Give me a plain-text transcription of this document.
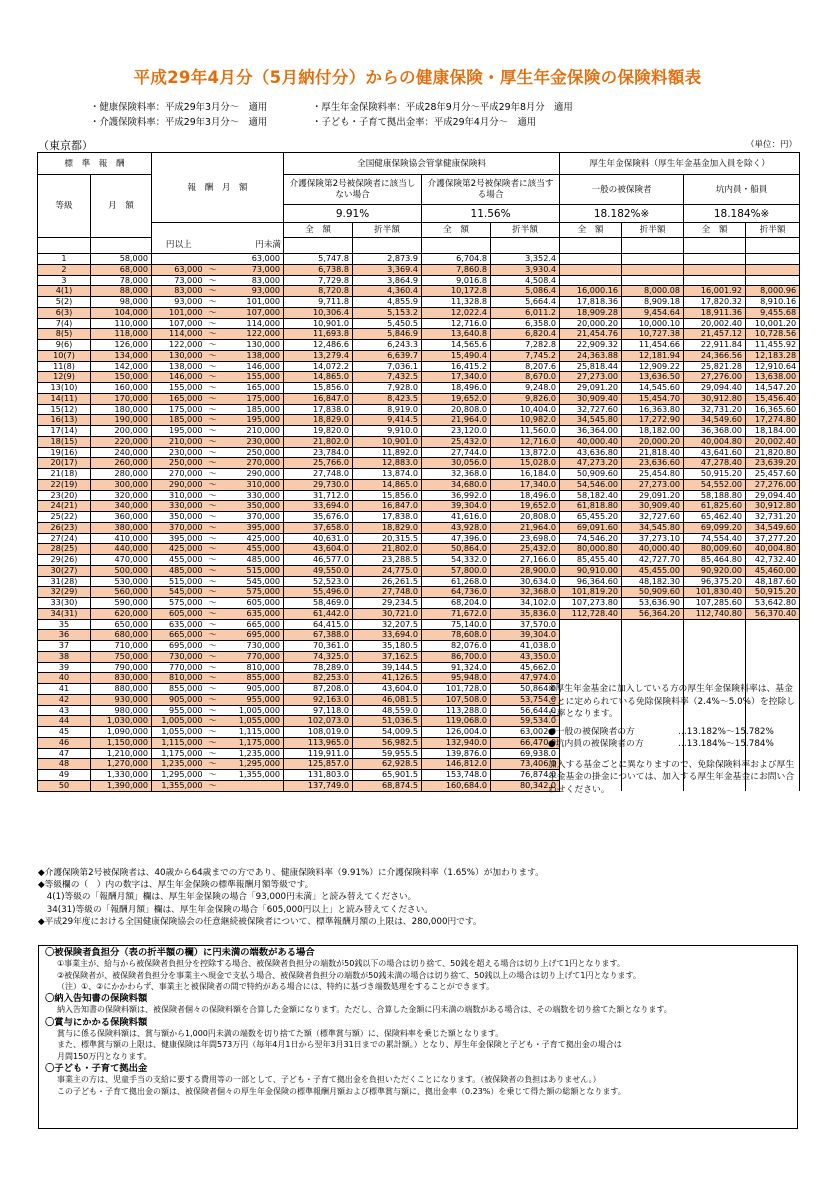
平成29年4月分（5月納付分）からの健康保険・厚生年金保険の保険料額表
・健康保険料率：平成29年3月分～　適用	・厚生年金保険料率：平成28年9月分～平成29年8月分　適用
・介護保険料率：平成29年3月分～　適用	・子ども・子育て拠出金率：平成29年4月分～　適用
（東京都）	（単位：円）
標　準　報　酬		報　酬　月　額			全国健康保険協会管掌健康保険料				厚生年金保険料（厚生年金基金加入員を除く）			
等級	月　額				介護保険第2号被保険者に該当しない場合		介護保険第2号被保険者に該当する場合		一般の被保険者		坑内員・船員	
					9.91%		11.56%		18.182%※		18.184%※	
					全　額	折半額	全　額	折半額	全　額	折半額	全　額	折半額
		円以上		円未満								
1	58,000			63,000	5,747.8	2,873.9	6,704.8	3,352.4				
2	68,000	63,000	～	73,000	6,738.8	3,369.4	7,860.8	3,930.4				
3	78,000	73,000	～	83,000	7,729.8	3,864.9	9,016.8	4,508.4				
4(1)	88,000	83,000	～	93,000	8,720.8	4,360.4	10,172.8	5,086.4	16,000.16	8,000.08	16,001.92	8,000.96
5(2)	98,000	93,000	～	101,000	9,711.8	4,855.9	11,328.8	5,664.4	17,818.36	8,909.18	17,820.32	8,910.16
6(3)	104,000	101,000	～	107,000	10,306.4	5,153.2	12,022.4	6,011.2	18,909.28	9,454.64	18,911.36	9,455.68
7(4)	110,000	107,000	～	114,000	10,901.0	5,450.5	12,716.0	6,358.0	20,000.20	10,000.10	20,002.40	10,001.20
8(5)	118,000	114,000	～	122,000	11,693.8	5,846.9	13,640.8	6,820.4	21,454.76	10,727.38	21,457.12	10,728.56
9(6)	126,000	122,000	～	130,000	12,486.6	6,243.3	14,565.6	7,282.8	22,909.32	11,454.66	22,911.84	11,455.92
10(7)	134,000	130,000	～	138,000	13,279.4	6,639.7	15,490.4	7,745.2	24,363.88	12,181.94	24,366.56	12,183.28
11(8)	142,000	138,000	～	146,000	14,072.2	7,036.1	16,415.2	8,207.6	25,818.44	12,909.22	25,821.28	12,910.64
12(9)	150,000	146,000	～	155,000	14,865.0	7,432.5	17,340.0	8,670.0	27,273.00	13,636.50	27,276.00	13,638.00
13(10)	160,000	155,000	～	165,000	15,856.0	7,928.0	18,496.0	9,248.0	29,091.20	14,545.60	29,094.40	14,547.20
14(11)	170,000	165,000	～	175,000	16,847.0	8,423.5	19,652.0	9,826.0	30,909.40	15,454.70	30,912.80	15,456.40
15(12)	180,000	175,000	～	185,000	17,838.0	8,919.0	20,808.0	10,404.0	32,727.60	16,363.80	32,731.20	16,365.60
16(13)	190,000	185,000	～	195,000	18,829.0	9,414.5	21,964.0	10,982.0	34,545.80	17,272.90	34,549.60	17,274.80
17(14)	200,000	195,000	～	210,000	19,820.0	9,910.0	23,120.0	11,560.0	36,364.00	18,182.00	36,368.00	18,184.00
18(15)	220,000	210,000	～	230,000	21,802.0	10,901.0	25,432.0	12,716.0	40,000.40	20,000.20	40,004.80	20,002.40
19(16)	240,000	230,000	～	250,000	23,784.0	11,892.0	27,744.0	13,872.0	43,636.80	21,818.40	43,641.60	21,820.80
20(17)	260,000	250,000	～	270,000	25,766.0	12,883.0	30,056.0	15,028.0	47,273.20	23,636.60	47,278.40	23,639.20
21(18)	280,000	270,000	～	290,000	27,748.0	13,874.0	32,368.0	16,184.0	50,909.60	25,454.80	50,915.20	25,457.60
22(19)	300,000	290,000	～	310,000	29,730.0	14,865.0	34,680.0	17,340.0	54,546.00	27,273.00	54,552.00	27,276.00
23(20)	320,000	310,000	～	330,000	31,712.0	15,856.0	36,992.0	18,496.0	58,182.40	29,091.20	58,188.80	29,094.40
24(21)	340,000	330,000	～	350,000	33,694.0	16,847.0	39,304.0	19,652.0	61,818.80	30,909.40	61,825.60	30,912.80
25(22)	360,000	350,000	～	370,000	35,676.0	17,838.0	41,616.0	20,808.0	65,455.20	32,727.60	65,462.40	32,731.20
26(23)	380,000	370,000	～	395,000	37,658.0	18,829.0	43,928.0	21,964.0	69,091.60	34,545.80	69,099.20	34,549.60
27(24)	410,000	395,000	～	425,000	40,631.0	20,315.5	47,396.0	23,698.0	74,546.20	37,273.10	74,554.40	37,277.20
28(25)	440,000	425,000	～	455,000	43,604.0	21,802.0	50,864.0	25,432.0	80,000.80	40,000.40	80,009.60	40,004.80
29(26)	470,000	455,000	～	485,000	46,577.0	23,288.5	54,332.0	27,166.0	85,455.40	42,727.70	85,464.80	42,732.40
30(27)	500,000	485,000	～	515,000	49,550.0	24,775.0	57,800.0	28,900.0	90,910.00	45,455.00	90,920.00	45,460.00
31(28)	530,000	515,000	～	545,000	52,523.0	26,261.5	61,268.0	30,634.0	96,364.60	48,182.30	96,375.20	48,187.60
32(29)	560,000	545,000	～	575,000	55,496.0	27,748.0	64,736.0	32,368.0	101,819.20	50,909.60	101,830.40	50,915.20
33(30)	590,000	575,000	～	605,000	58,469.0	29,234.5	68,204.0	34,102.0	107,273.80	53,636.90	107,285.60	53,642.80
34(31)	620,000	605,000	～	635,000	61,442.0	30,721.0	71,672.0	35,836.0	112,728.40	56,364.20	112,740.80	56,370.40
35	650,000	635,000	～	665,000	64,415.0	32,207.5	75,140.0	37,570.0				
36	680,000	665,000	～	695,000	67,388.0	33,694.0	78,608.0	39,304.0				
37	710,000	695,000	～	730,000	70,361.0	35,180.5	82,076.0	41,038.0				
38	750,000	730,000	～	770,000	74,325.0	37,162.5	86,700.0	43,350.0				
39	790,000	770,000	～	810,000	78,289.0	39,144.5	91,324.0	45,662.0				
40	830,000	810,000	～	855,000	82,253.0	41,126.5	95,948.0	47,974.0				
41	880,000	855,000	～	905,000	87,208.0	43,604.0	101,728.0	50,864.0				
42	930,000	905,000	～	955,000	92,163.0	46,081.5	107,508.0	53,754.0				
43	980,000	955,000	～	1,005,000	97,118.0	48,559.0	113,288.0	56,644.0				
44	1,030,000	1,005,000	～	1,055,000	102,073.0	51,036.5	119,068.0	59,534.0				
45	1,090,000	1,055,000	～	1,115,000	108,019.0	54,009.5	126,004.0	63,002.0				
46	1,150,000	1,115,000	～	1,175,000	113,965.0	56,982.5	132,940.0	66,470.0				
47	1,210,000	1,175,000	～	1,235,000	119,911.0	59,955.5	139,876.0	69,938.0				
48	1,270,000	1,235,000	～	1,295,000	125,857.0	62,928.5	146,812.0	73,406.0				
49	1,330,000	1,295,000	～	1,355,000	131,803.0	65,901.5	153,748.0	76,874.0				
50	1,390,000	1,355,000	～		137,749.0	68,874.5	160,684.0	80,342.0				

※厚生年金基金に加入している方の厚生年金保険料率は、基金ごとに定められている免除保険料率（2.4%～5.0%）を控除した率となります。

●一般の被保険者の方	…13.182%～15.782%
●坑内員の被保険者の方	…13.184%～15.784%

加入する基金ごとに異なりますので、免除保険料率および厚生年金基金の掛金については、加入する厚生年金基金にお問い合わせください。

◆介護保険第2号被保険者は、40歳から64歳までの方であり、健康保険料率（9.91%）に介護保険料率（1.65%）が加わります。
◆等級欄の（　）内の数字は、厚生年金保険の標準報酬月額等級です。
　4(1)等級の「報酬月額」欄は、厚生年金保険の場合「93,000円未満」と読み替えてください。
　34(31)等級の「報酬月額」欄は、厚生年金保険の場合「605,000円以上」と読み替えてください。
◆平成29年度における全国健康保険協会の任意継続被保険者について、標準報酬月額の上限は、280,000円です。
〇被保険者負担分（表の折半額の欄）に円未満の端数がある場合
①事業主が、給与から被保険者負担分を控除する場合、被保険者負担分の端数が50銭以下の場合は切り捨て、50銭を超える場合は切り上げて1円となります。
②被保険者が、被保険者負担分を事業主へ現金で支払う場合、被保険者負担分の端数が50銭未満の場合は切り捨て、50銭以上の場合は切り上げて1円となります。
（注）①、②にかかわらず、事業主と被保険者の間で特約がある場合には、特約に基づき端数処理をすることができます。
〇納入告知書の保険料額
納入告知書の保険料額は、被保険者個々の保険料額を合算した金額になります。ただし、合算した金額に円未満の端数がある場合は、その端数を切り捨てた額となります。
〇賞与にかかる保険料額
賞与に係る保険料額は、賞与額から1,000円未満の端数を切り捨てた額（標準賞与額）に、保険料率を乗じた額となります。
また、標準賞与額の上限は、健康保険は年間573万円（毎年4月1日から翌年3月31日までの累計額。）となり、厚生年金保険と子ども・子育て拠出金の場合は
月間150万円となります。
〇子ども・子育て拠出金
事業主の方は、児童手当の支給に要する費用等の一部として、子ども・子育て拠出金を負担いただくことになります。（被保険者の負担はありません。）
この子ども・子育て拠出金の額は、被保険者個々の厚生年金保険の標準報酬月額および標準賞与額に、拠出金率（0.23%）を乗じて得た額の総額となります。
